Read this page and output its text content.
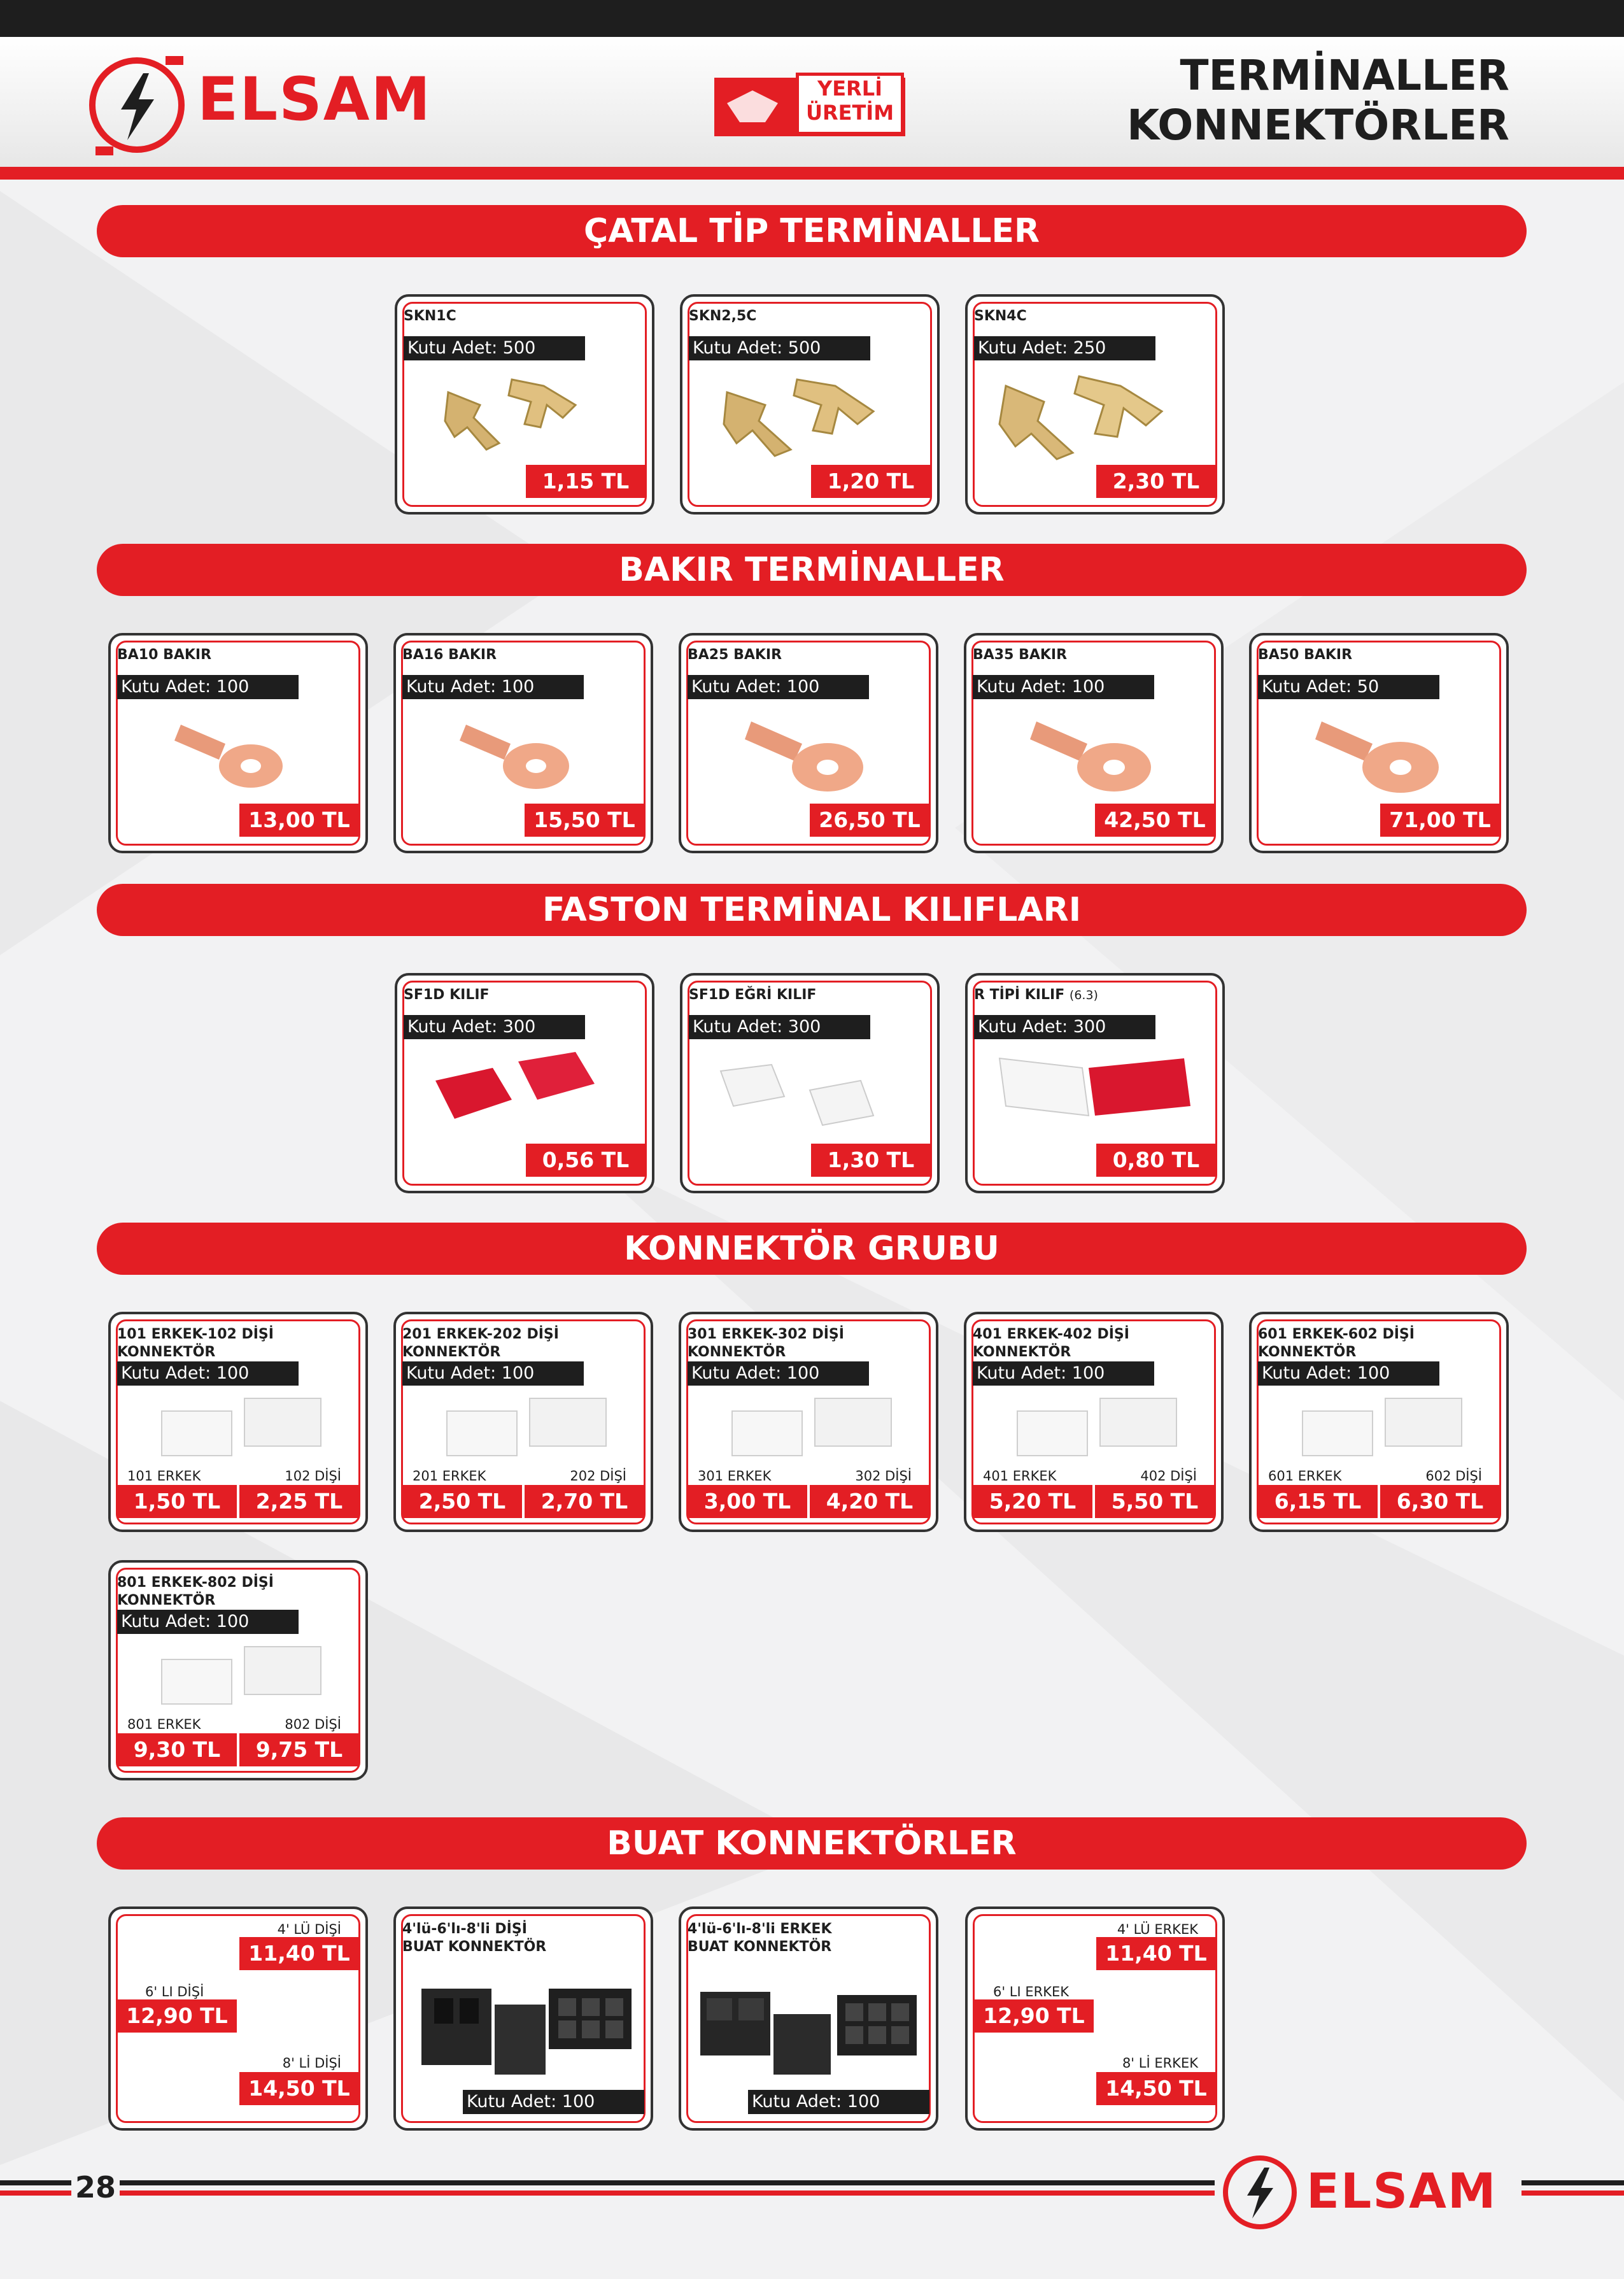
ELSAM	YERLİ
ÜRETİM
TERMİNALLER
KONNEKTÖRLER
ÇATAL TİP TERMİNALLER
BAKIR TERMİNALLER
FASTON TERMİNAL KILIFLARI
KONNEKTÖR GRUBU
BUAT KONNEKTÖRLER
SKN1C
Kutu Adet: 500
1,15 TL
SKN2,5C
Kutu Adet: 500
1,20 TL
SKN4C
Kutu Adet: 250
2,30 TL
BA10 BAKIR
Kutu Adet: 100
13,00 TL
BA16 BAKIR
Kutu Adet: 100
15,50 TL
BA25 BAKIR
Kutu Adet: 100
26,50 TL
BA35 BAKIR
Kutu Adet: 100
42,50 TL
BA50 BAKIR
Kutu Adet: 50
71,00 TL
SF1D KILIF
Kutu Adet: 300
0,56 TL
SF1D EĞRİ KILIF
Kutu Adet: 300
1,30 TL
R TİPİ KILIF (6.3)
Kutu Adet: 300
0,80 TL
101 ERKEK-102 DİŞİ
KONNEKTÖR
Kutu Adet: 100
101 ERKEK	102 DİŞİ
1,50 TL	2,25 TL
201 ERKEK-202 DİŞİ
KONNEKTÖR
Kutu Adet: 100
201 ERKEK	202 DİŞİ
2,50 TL	2,70 TL
301 ERKEK-302 DİŞİ
KONNEKTÖR
Kutu Adet: 100
301 ERKEK	302 DİŞİ
3,00 TL	4,20 TL
401 ERKEK-402 DİŞİ
KONNEKTÖR
Kutu Adet: 100
401 ERKEK	402 DİŞİ
5,20 TL	5,50 TL
601 ERKEK-602 DİŞİ
KONNEKTÖR
Kutu Adet: 100
601 ERKEK	602 DİŞİ
6,15 TL	6,30 TL
801 ERKEK-802 DİŞİ
KONNEKTÖR
Kutu Adet: 100
801 ERKEK	802 DİŞİ
9,30 TL	9,75 TL
4' LÜ DİŞİ
11,40 TL
6' LI DİŞİ
12,90 TL
8' Lİ DİŞİ
14,50 TL
4'lü-6'lı-8'li DİŞİ
BUAT KONNEKTÖR
Kutu Adet: 100
4'lü-6'lı-8'li ERKEK
BUAT KONNEKTÖR
Kutu Adet: 100
4' LÜ ERKEK
11,40 TL
6' LI ERKEK
12,90 TL
8' Lİ ERKEK
14,50 TL
28	ELSAM
